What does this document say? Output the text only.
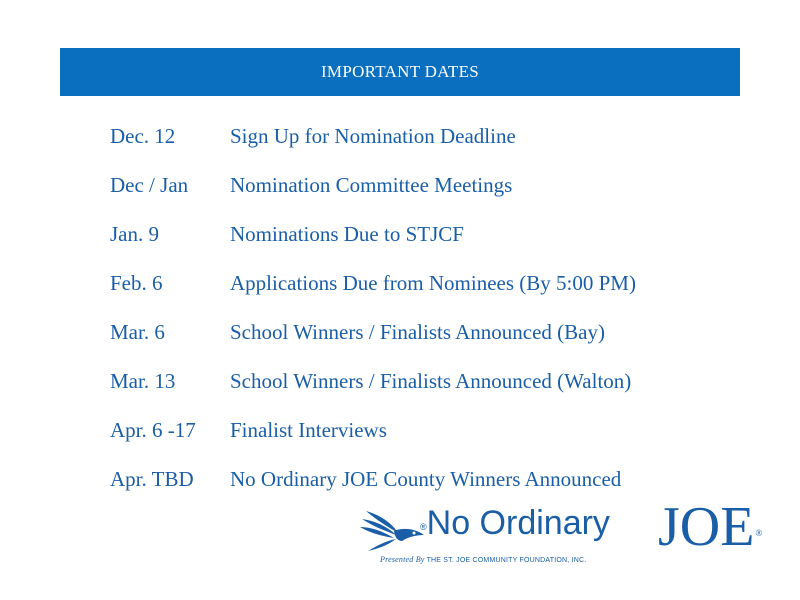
IMPORTANT DATES
Dec. 12	Sign Up for Nomination Deadline
Dec / Jan	Nomination Committee Meetings
Jan. 9	Nominations Due to STJCF
Feb. 6	Applications Due from Nominees (By 5:00 PM)
Mar. 6	School Winners / Finalists Announced (Bay)
Mar. 13	School Winners / Finalists Announced (Walton)
Apr. 6 -17	Finalist Interviews
Apr. TBD	No Ordinary JOE County Winners Announced
®No Ordinary JOE®
Presented By THE ST. JOE COMMUNITY FOUNDATION, INC.
